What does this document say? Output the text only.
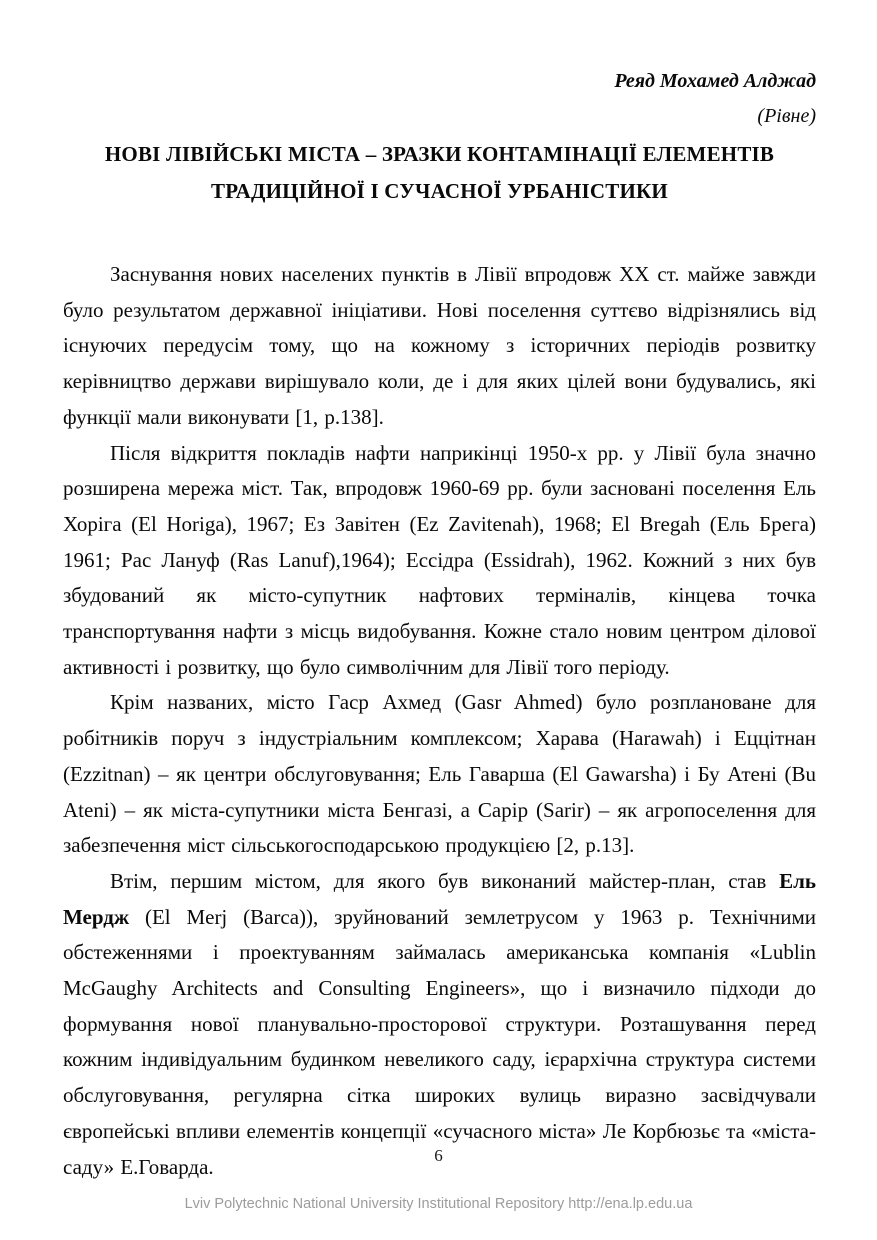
Реяд Мохамед Алджад
(Рівне)
НОВІ ЛІВІЙСЬКІ МІСТА – ЗРАЗКИ КОНТАМІНАЦІЇ ЕЛЕМЕНТІВ
ТРАДИЦІЙНОЇ І СУЧАСНОЇ УРБАНІСТИКИ

Заснування нових населених пунктів в Лівії впродовж ХХ ст. майже завжди було результатом державної ініціативи. Нові поселення суттєво відрізнялись від існуючих передусім тому, що на кожному з історичних періодів розвитку керівництво держави вирішувало коли, де і для яких цілей вони будувались, які функції мали виконувати [1, p.138].

Після відкриття покладів нафти наприкінці 1950-х рр. у Лівії була значно розширена мережа міст. Так, впродовж 1960-69 рр. були засновані поселення Ель Хоріга (El Horiga), 1967; Ез Завітен (Ez Zavitenah), 1968; El Bregah (Ель Брега) 1961; Рас Лануф (Ras Lanuf),1964); Ессідра (Essidrah), 1962. Кожний з них був збудований як місто-супутник нафтових терміналів, кінцева точка транспортування нафти з місць видобування. Кожне стало новим центром ділової активності і розвитку, що було символічним для Лівії того періоду.

Крім названих, місто Гаср Ахмед (Gasr Ahmed) було розплановане для робітників поруч з індустріальним комплексом; Харава (Harawah) і Еццітнан (Ezzitnan) – як центри обслуговування; Ель Гаварша (El Gawarsha) і Бу Атені (Bu Ateni) – як міста-супутники міста Бенгазі, а Сарір (Sarir) – як агропоселення для забезпечення міст сільськогосподарською продукцією [2, p.13].

Втім, першим містом, для якого був виконаний майстер-план, став Ель Мердж (El Merj (Barca)), зруйнований землетрусом у 1963 р. Технічними обстеженнями і проектуванням займалась американська компанія «Lublin McGaughy Architects and Consulting Engineers», що і визначило підходи до формування нової планувально-просторової структури. Розташування перед кожним індивідуальним будинком невеликого саду, ієрархічна структура системи обслуговування, регулярна сітка широких вулиць виразно засвідчували європейські впливи елементів концепції «сучасного міста» Ле Корбюзьє та «міста-саду» Е.Говарда.	6
Lviv Polytechnic National University Institutional Repository http://ena.lp.edu.ua
